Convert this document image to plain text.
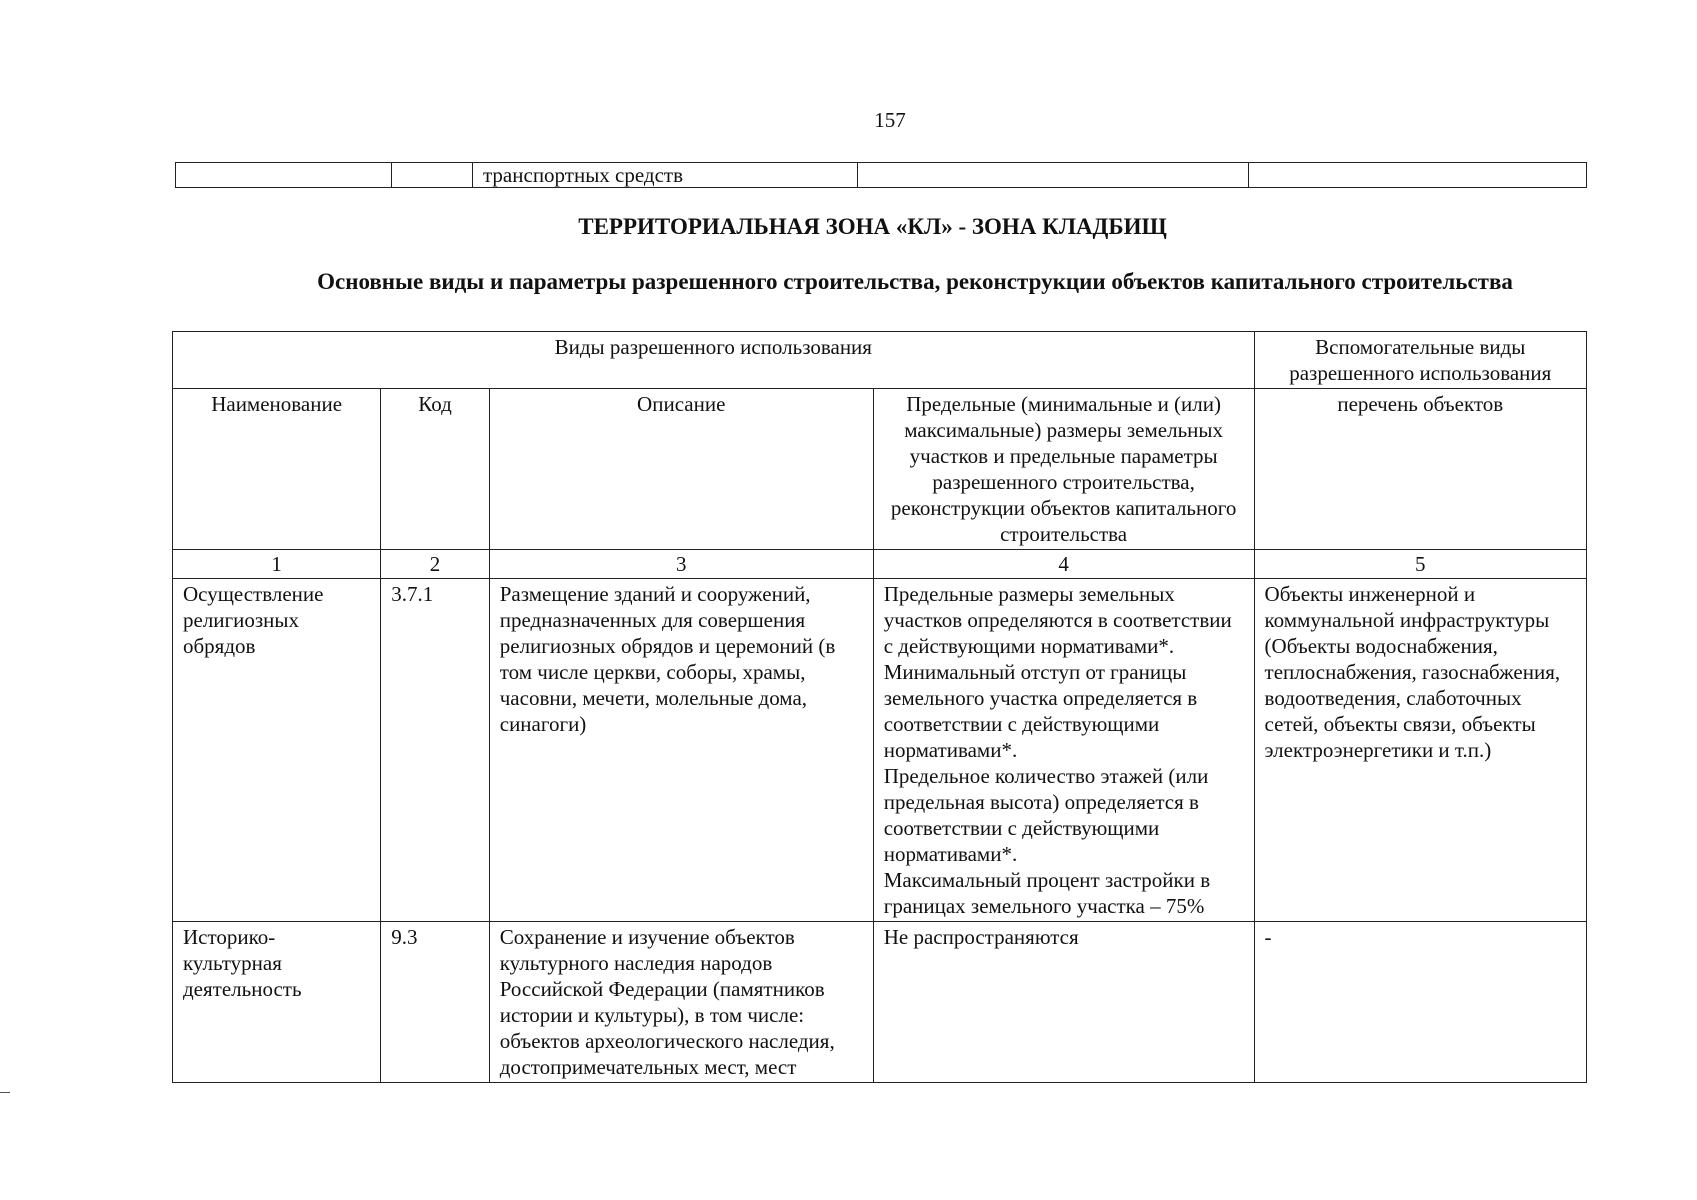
157
		транспортных средств		
ТЕРРИТОРИАЛЬНАЯ ЗОНА «КЛ» - ЗОНА КЛАДБИЩ
Основные виды и параметры разрешенного строительства, реконструкции объектов капитального строительства
Виды разрешенного использования				Вспомогательные виды разрешенного использования
Наименование	Код	Описание	Предельные (минимальные и (или) максимальные) размеры земельных участков и предельные параметры разрешенного строительства, реконструкции объектов капитального строительства	перечень объектов
1	2	3	4	5
Осуществление религиозных обрядов	3.7.1	Размещение зданий и сооружений, предназначенных для совершения религиозных обрядов и церемоний (в том числе церкви, соборы, храмы, часовни, мечети, молельные дома, синагоги)	Предельные размеры земельных участков определяются в соответствии с действующими нормативами*.
Минимальный отступ от границы земельного участка определяется в соответствии с действующими нормативами*.
Предельное количество этажей (или предельная высота) определяется в соответствии с действующими нормативами*.
Максимальный процент застройки в границах земельного участка – 75%	Объекты инженерной и коммунальной инфраструктуры (Объекты водоснабжения, теплоснабжения, газоснабжения, водоотведения, слаботочных сетей, объекты связи, объекты электроэнергетики и т.п.)
Историко-культурная деятельность	9.3	Сохранение и изучение объектов культурного наследия народов Российской Федерации (памятников истории и культуры), в том числе: объектов археологического наследия, достопримечательных мест, мест	Не распространяются	-
